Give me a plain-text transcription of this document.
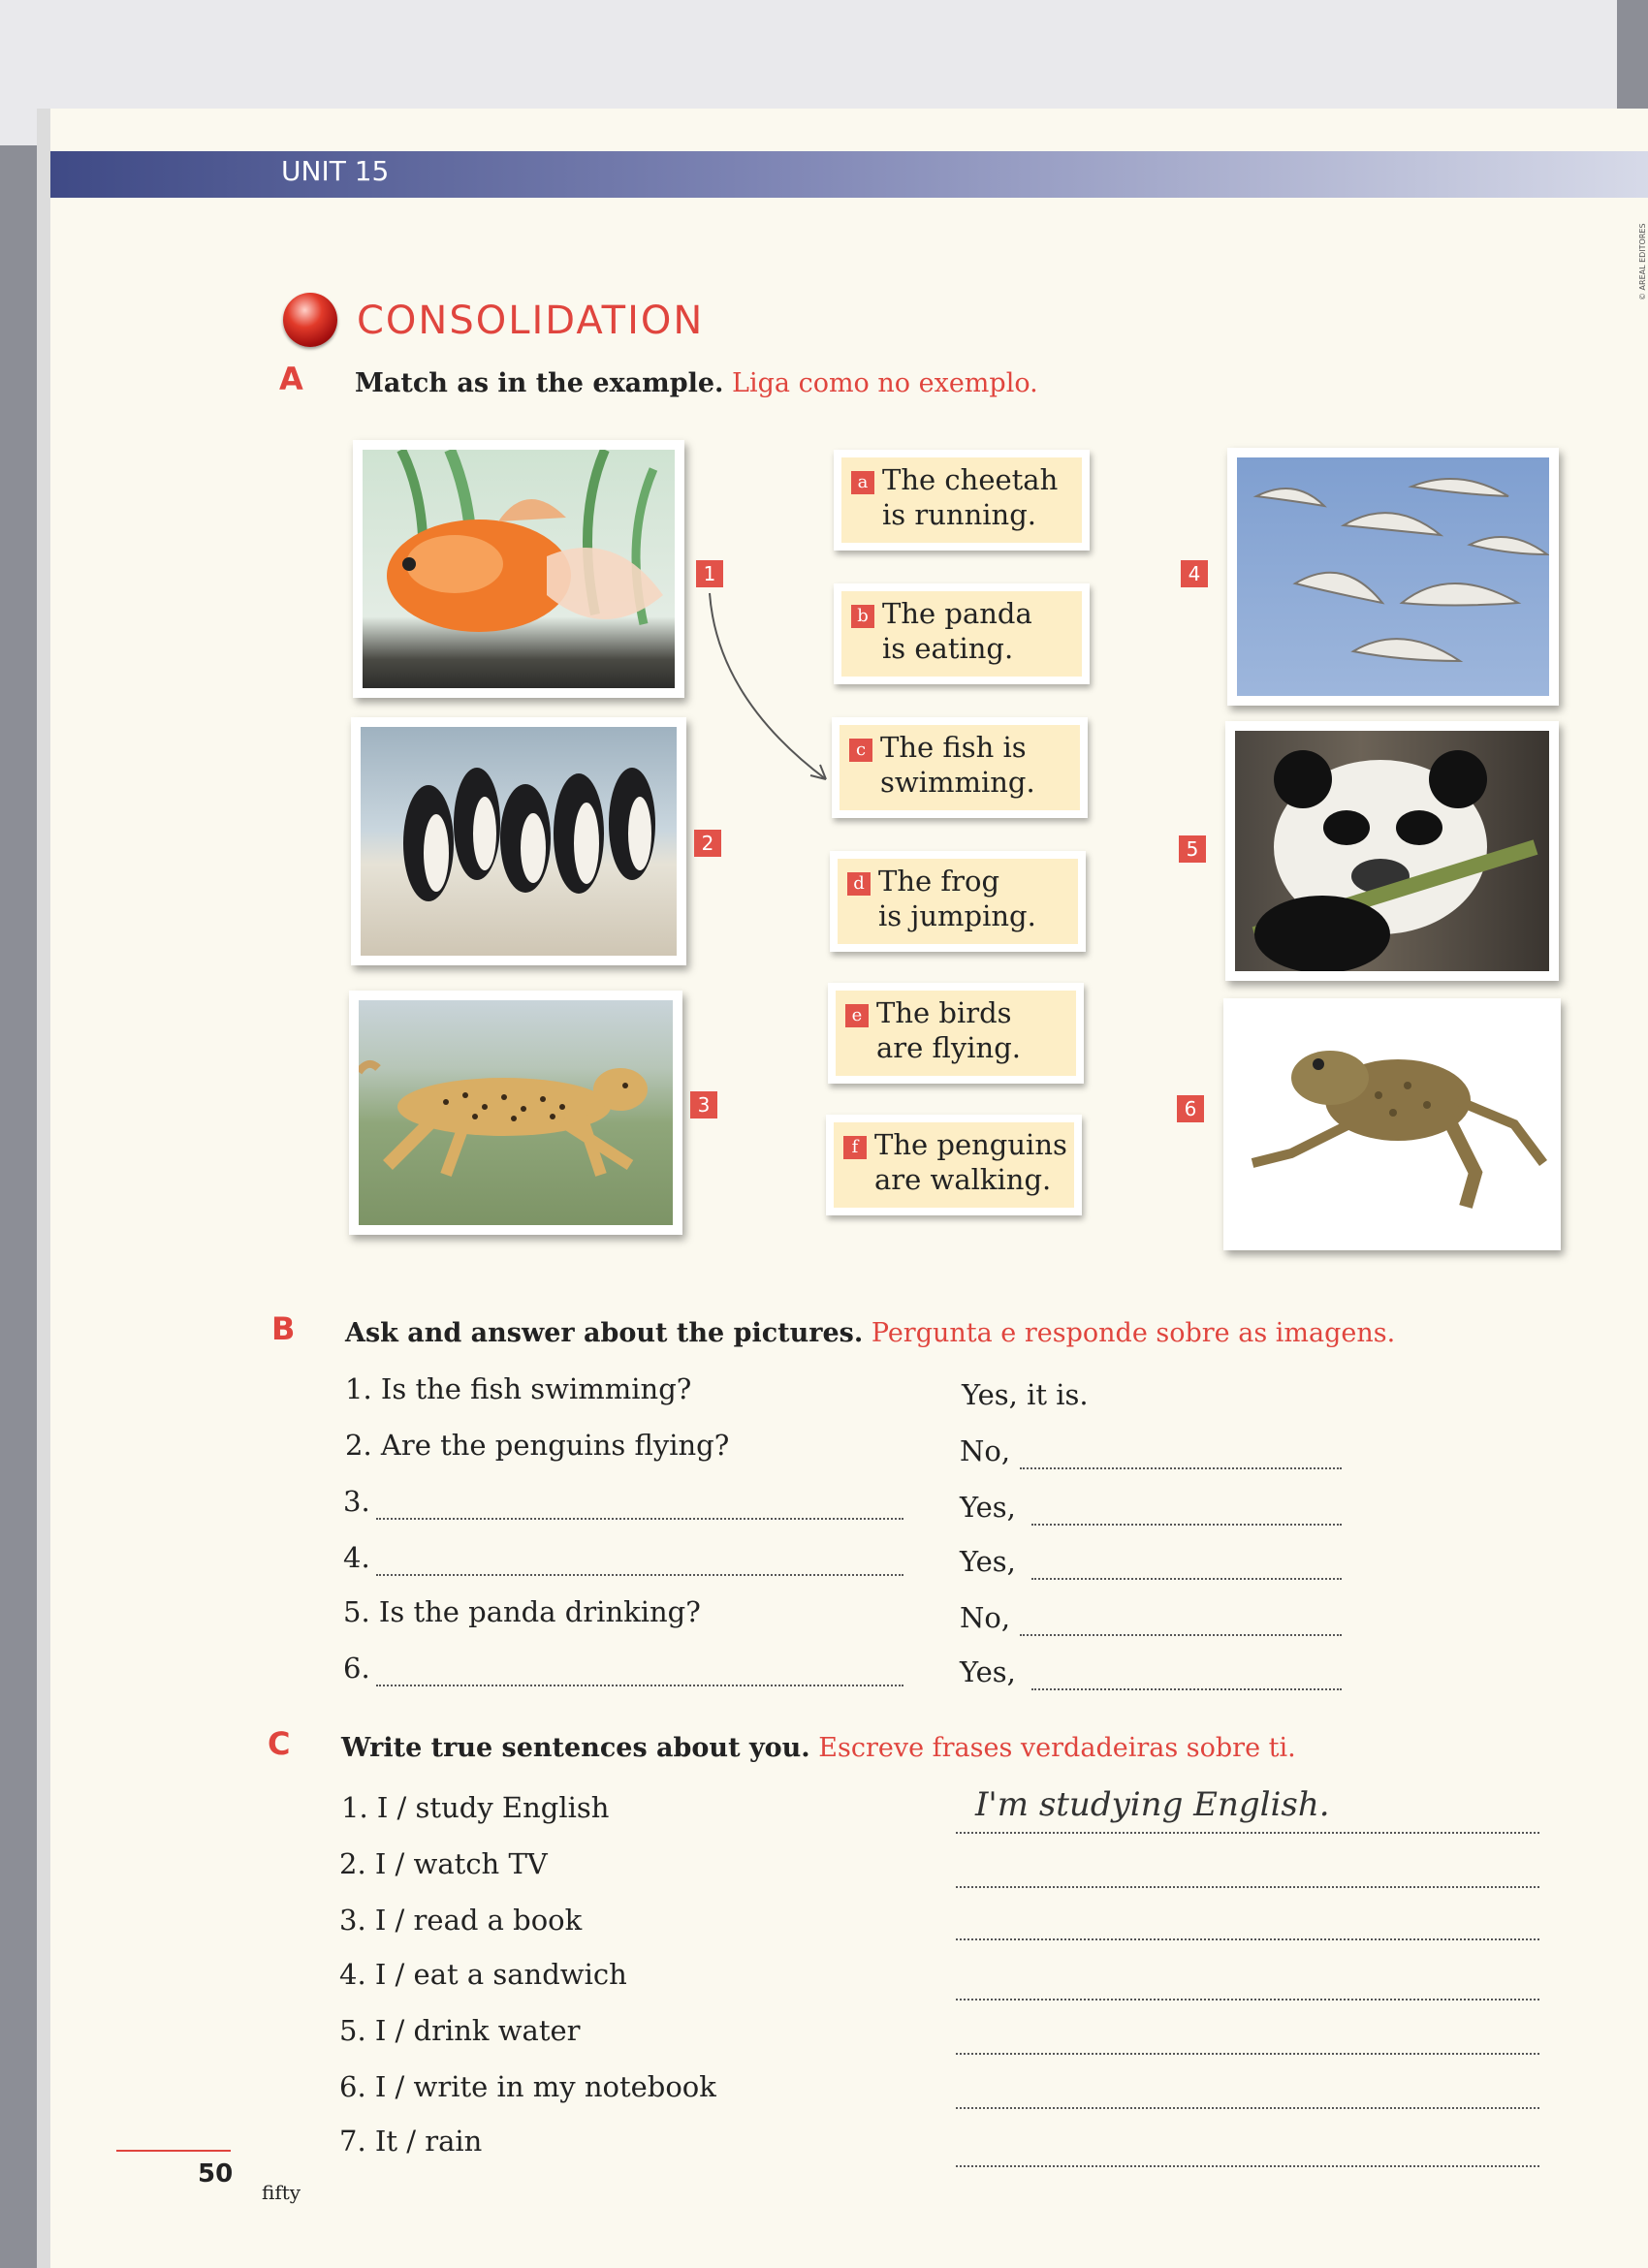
UNIT 15
© AREAL EDITORES
CONSOLIDATION
A Match as in the example. Liga como no exemplo.
1
2
3
a The cheetah
is running.
b The panda
is eating.
c The fish is
swimming.
d The frog
is jumping.
e The birds
are flying.
f The penguins
are walking.
4
5
6
B Ask and answer about the pictures. Pergunta e responde sobre as imagens.
1. Is the fish swimming?	Yes, it is.
2. Are the penguins flying?	No,
3.	Yes,
4.	Yes,
5. Is the panda drinking?	No,
6.	Yes,
C Write true sentences about you. Escreve frases verdadeiras sobre ti.
1. I / study English	I'm studying English.
2. I / watch TV
3. I / read a book
4. I / eat a sandwich
5. I / drink water
6. I / write in my notebook
7. It / rain
50
fifty
